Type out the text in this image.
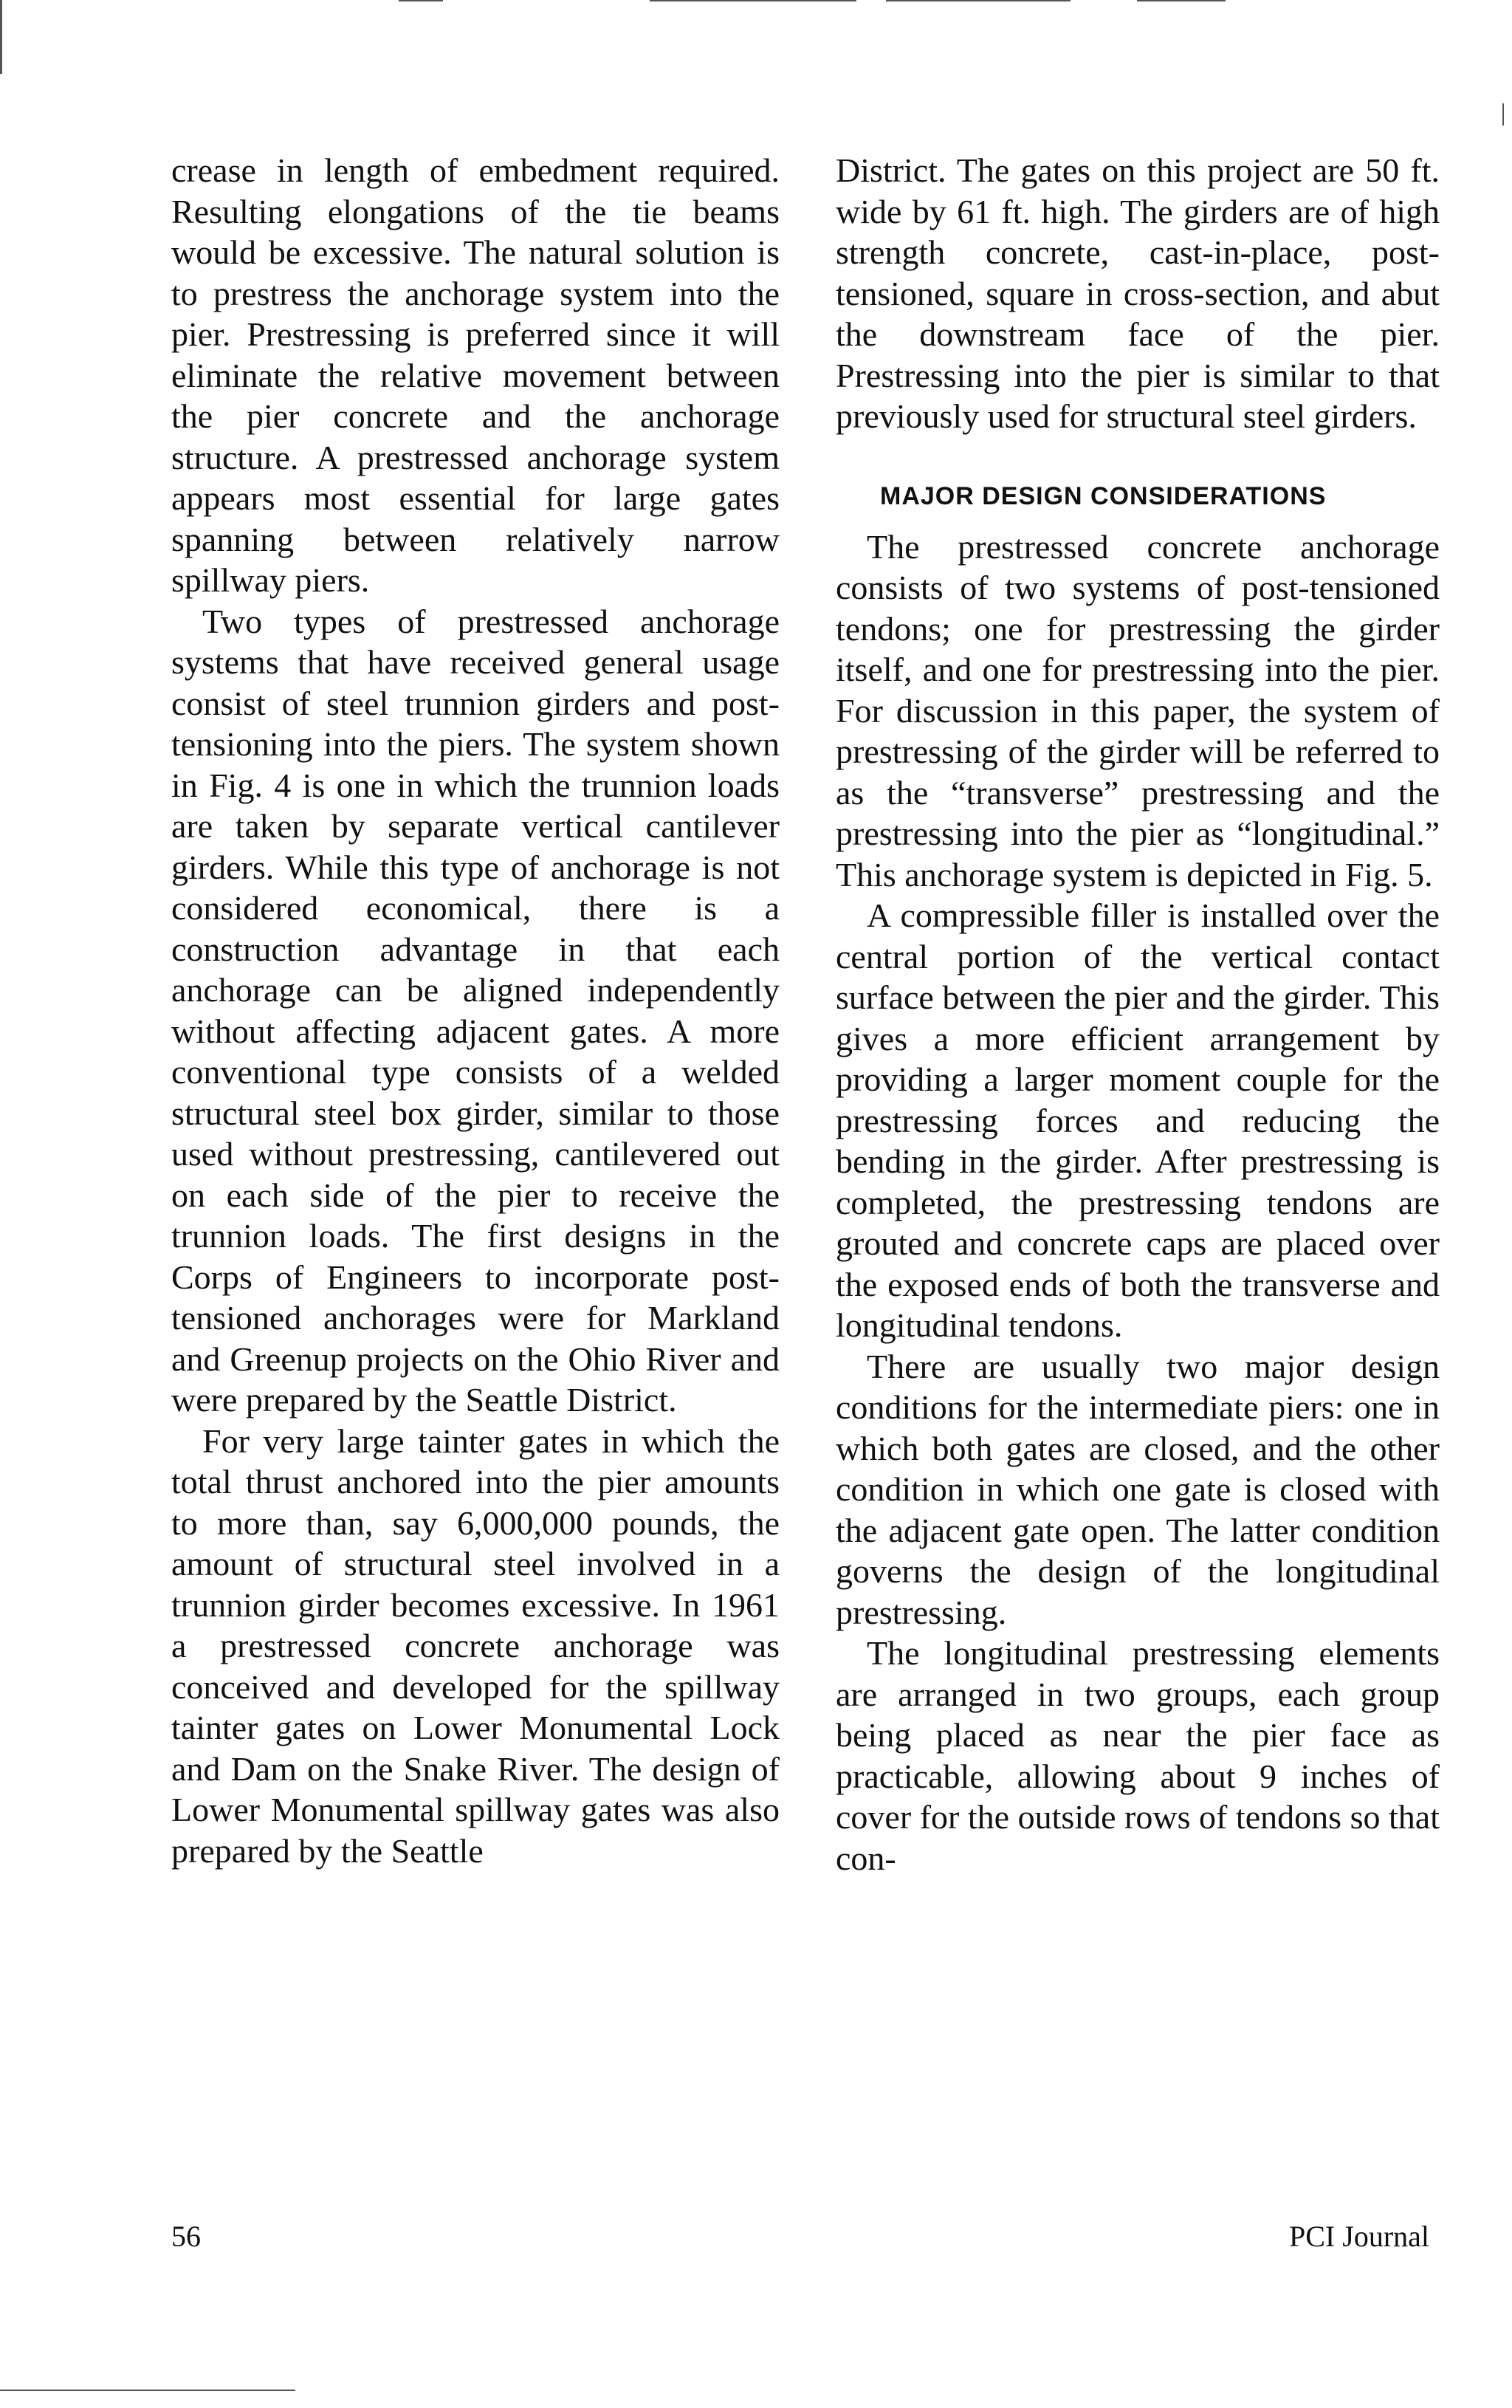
crease in length of embedment required. Resulting elongations of the tie beams would be excessive. The natural solution is to prestress the anchorage system into the pier. Prestressing is preferred since it will eliminate the relative movement between the pier concrete and the anchorage structure. A prestressed anchorage system appears most essential for large gates spanning between relatively narrow spillway piers.

Two types of prestressed anchorage systems that have received general usage consist of steel trunnion girders and post-tensioning into the piers. The system shown in Fig. 4 is one in which the trunnion loads are taken by separate vertical cantilever girders. While this type of anchorage is not considered economical, there is a construction advantage in that each anchorage can be aligned independently without affecting adjacent gates. A more conventional type consists of a welded structural steel box girder, similar to those used without prestressing, cantilevered out on each side of the pier to receive the trunnion loads. The first designs in the Corps of Engineers to incorporate post-tensioned anchorages were for Markland and Greenup projects on the Ohio River and were prepared by the Seattle District.

For very large tainter gates in which the total thrust anchored into the pier amounts to more than, say 6,000,000 pounds, the amount of structural steel involved in a trunnion girder becomes excessive. In 1961 a prestressed concrete anchorage was conceived and developed for the spillway tainter gates on Lower Monumental Lock and Dam on the Snake River. The design of Lower Monumental spillway gates was also prepared by the Seattle

District. The gates on this project are 50 ft. wide by 61 ft. high. The girders are of high strength concrete, cast-in-place, post-tensioned, square in cross-section, and abut the downstream face of the pier. Prestressing into the pier is similar to that previously used for structural steel girders.

MAJOR DESIGN CONSIDERATIONS

The prestressed concrete anchorage consists of two systems of post-tensioned tendons; one for prestressing the girder itself, and one for prestressing into the pier. For discussion in this paper, the system of prestressing of the girder will be referred to as the “transverse” prestressing and the prestressing into the pier as “longitudinal.” This anchorage system is depicted in Fig. 5.

A compressible filler is installed over the central portion of the vertical contact surface between the pier and the girder. This gives a more efficient arrangement by providing a larger moment couple for the prestressing forces and reducing the bending in the girder. After prestressing is completed, the prestressing tendons are grouted and concrete caps are placed over the exposed ends of both the transverse and longitudinal tendons.

There are usually two major design conditions for the intermediate piers: one in which both gates are closed, and the other condition in which one gate is closed with the adjacent gate open. The latter condition governs the design of the longitudinal prestressing.

The longitudinal prestressing elements are arranged in two groups, each group being placed as near the pier face as practicable, allowing about 9 inches of cover for the outside rows of tendons so that con-

56	PCI Journal
